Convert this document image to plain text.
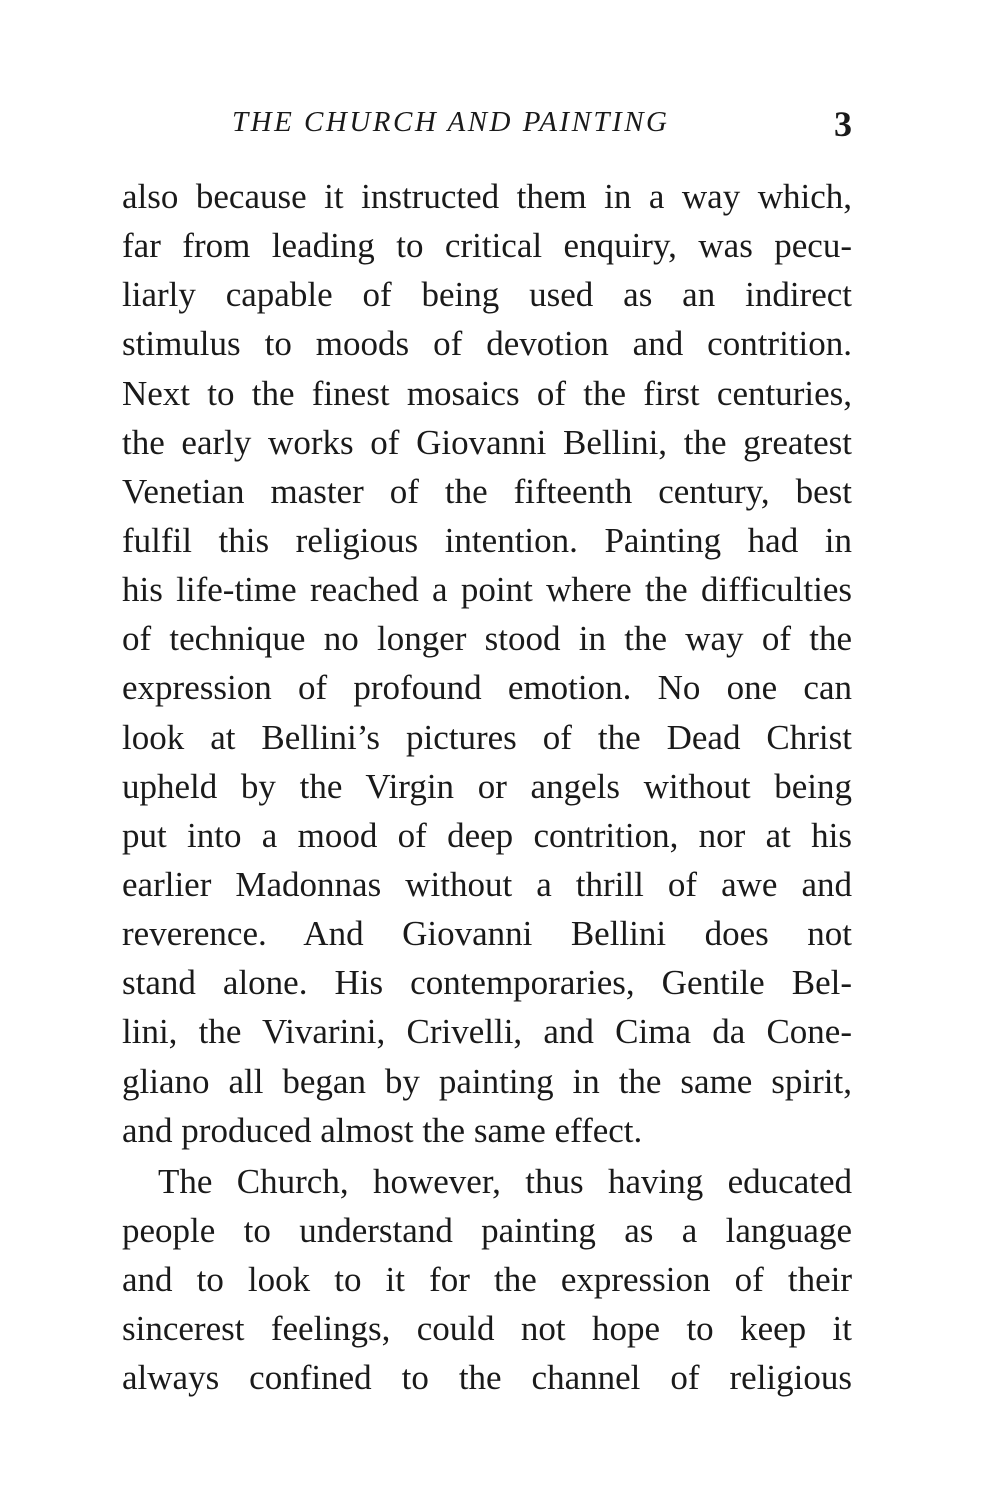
THE CHURCH AND PAINTING	3
also because it instructed them in a way which,
far from leading to critical enquiry, was pecu-
liarly capable of being used as an indirect
stimulus to moods of devotion and contrition.
Next to the finest mosaics of the first centuries,
the early works of Giovanni Bellini, the greatest
Venetian master of the fifteenth century, best
fulfil this religious intention. Painting had in
his life-time reached a point where the difficulties
of technique no longer stood in the way of the
expression of profound emotion. No one can
look at Bellini’s pictures of the Dead Christ
upheld by the Virgin or angels without being
put into a mood of deep contrition, nor at his
earlier Madonnas without a thrill of awe and
reverence. And Giovanni Bellini does not
stand alone. His contemporaries, Gentile Bel-
lini, the Vivarini, Crivelli, and Cima da Cone-
gliano all began by painting in the same spirit,
and produced almost the same effect.
The Church, however, thus having educated
people to understand painting as a language
and to look to it for the expression of their
sincerest feelings, could not hope to keep it
always confined to the channel of religious
